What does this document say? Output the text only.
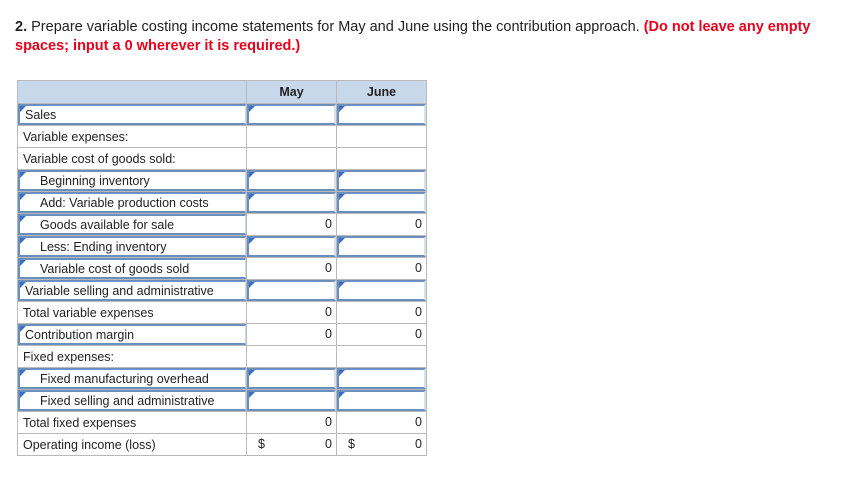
2. Prepare variable costing income statements for May and June using the contribution approach. (Do not leave any empty spaces; input a 0 wherever it is required.)
	May	June

Sales		

Variable expenses:		

Variable cost of goods sold:		

Beginning inventory		

Add: Variable production costs		

Goods available for sale	0	0

Less: Ending inventory		

Variable cost of goods sold	0	0

Variable selling and administrative		

Total variable expenses	0	0

Contribution margin	0	0

Fixed expenses:		

Fixed manufacturing overhead		

Fixed selling and administrative		

Total fixed expenses	0	0

Operating income (loss)	$ 0	$ 0
